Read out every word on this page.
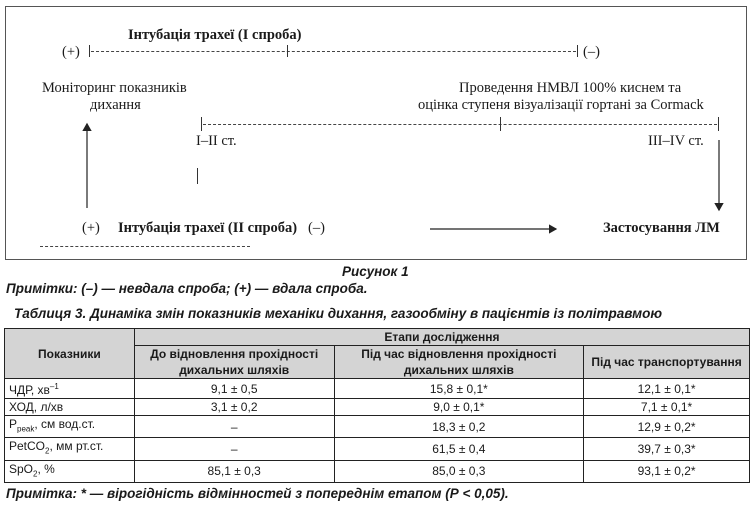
Інтубація трахеї (І спроба)
(+)	(–)
Моніторинг показників
дихання
Проведення НМВЛ 100% киснем та
оцінка ступеня візуалізації гортані за Cormack
І–ІІ ст.	ІІІ–IV ст.
(+) Інтубація трахеї (ІІ спроба) (–)	Застосування ЛМ
Рисунок 1
Примітки: (–) — невдала спроба; (+) — вдала спроба.
Таблиця 3. Динаміка змін показників механіки дихання, газообміну в пацієнтів із політравмою
Показники	Етапи дослідження		
	До відновлення прохідності дихальних шляхів	Під час відновлення прохідності дихальних шляхів	Під час транспортування
ЧДР, $хв^{-1}$	9,1 ± 0,5	15,8 ± 0,1*	12,1 ± 0,1*
ХОД, л/хв	3,1 ± 0,2	9,0 ± 0,1*	7,1 ± 0,1*
$P_{peak}$, см вод.ст.	–	18,3 ± 0,2	12,9 ± 0,2*
PetCO$_2$, мм рт.ст.	–	61,5 ± 0,4	39,7 ± 0,3*
SpO$_2$, %	85,1 ± 0,3	85,0 ± 0,3	93,1 ± 0,2*
Примітка: * — вірогідність відмінностей з попереднім етапом (Р < 0,05).
